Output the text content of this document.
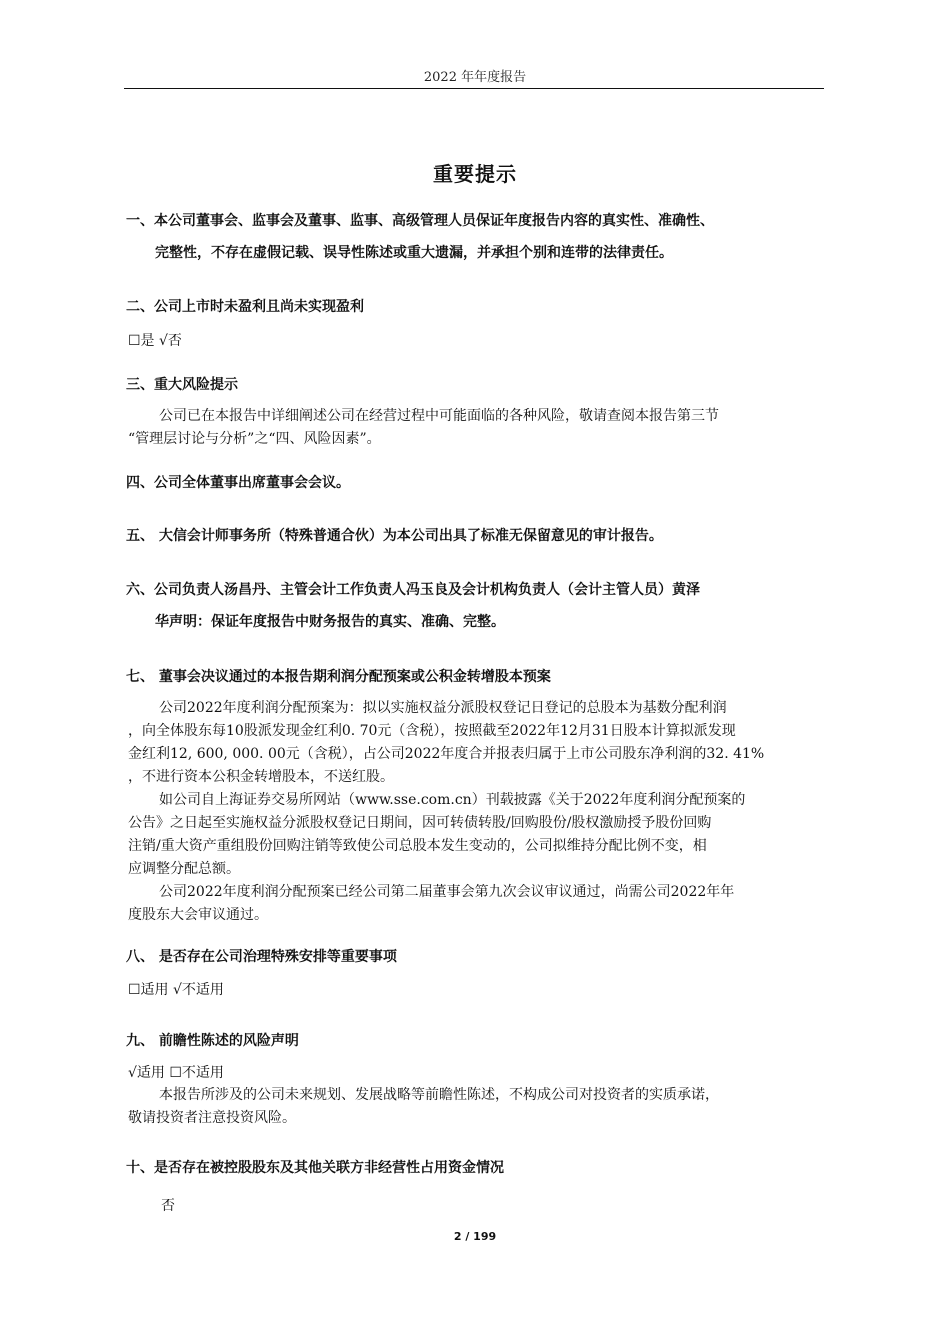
2022 年年度报告
重要提示
一、本公司董事会、监事会及董事、监事、高级管理人员保证年度报告内容的真实性、准确性、
完整性，不存在虚假记载、误导性陈述或重大遗漏，并承担个别和连带的法律责任。
二、公司上市时未盈利且尚未实现盈利
☐是 √否
三、重大风险提示
公司已在本报告中详细阐述公司在经营过程中可能面临的各种风险，敬请查阅本报告第三节
“管理层讨论与分析”之“四、风险因素”。
四、公司全体董事出席董事会会议。
五、 大信会计师事务所（特殊普通合伙）为本公司出具了标准无保留意见的审计报告。
六、公司负责人汤昌丹、主管会计工作负责人冯玉良及会计机构负责人（会计主管人员）黄泽
华声明：保证年度报告中财务报告的真实、准确、完整。
七、 董事会决议通过的本报告期利润分配预案或公积金转增股本预案
公司2022年度利润分配预案为：拟以实施权益分派股权登记日登记的总股本为基数分配利润
，向全体股东每10股派发现金红利0. 70元（含税），按照截至2022年12月31日股本计算拟派发现
金红利12, 600, 000. 00元（含税），占公司2022年度合并报表归属于上市公司股东净利润的32. 41%
，不进行资本公积金转增股本，不送红股。
如公司自上海证券交易所网站（www.sse.com.cn）刊载披露《关于2022年度利润分配预案的
公告》之日起至实施权益分派股权登记日期间，因可转债转股/回购股份/股权激励授予股份回购
注销/重大资产重组股份回购注销等致使公司总股本发生变动的，公司拟维持分配比例不变，相
应调整分配总额。
公司2022年度利润分配预案已经公司第二届董事会第九次会议审议通过，尚需公司2022年年
度股东大会审议通过。
八、 是否存在公司治理特殊安排等重要事项
☐适用 √不适用
九、 前瞻性陈述的风险声明
√适用 ☐不适用
本报告所涉及的公司未来规划、发展战略等前瞻性陈述，不构成公司对投资者的实质承诺，
敬请投资者注意投资风险。
十、是否存在被控股股东及其他关联方非经营性占用资金情况
否
2 / 199
